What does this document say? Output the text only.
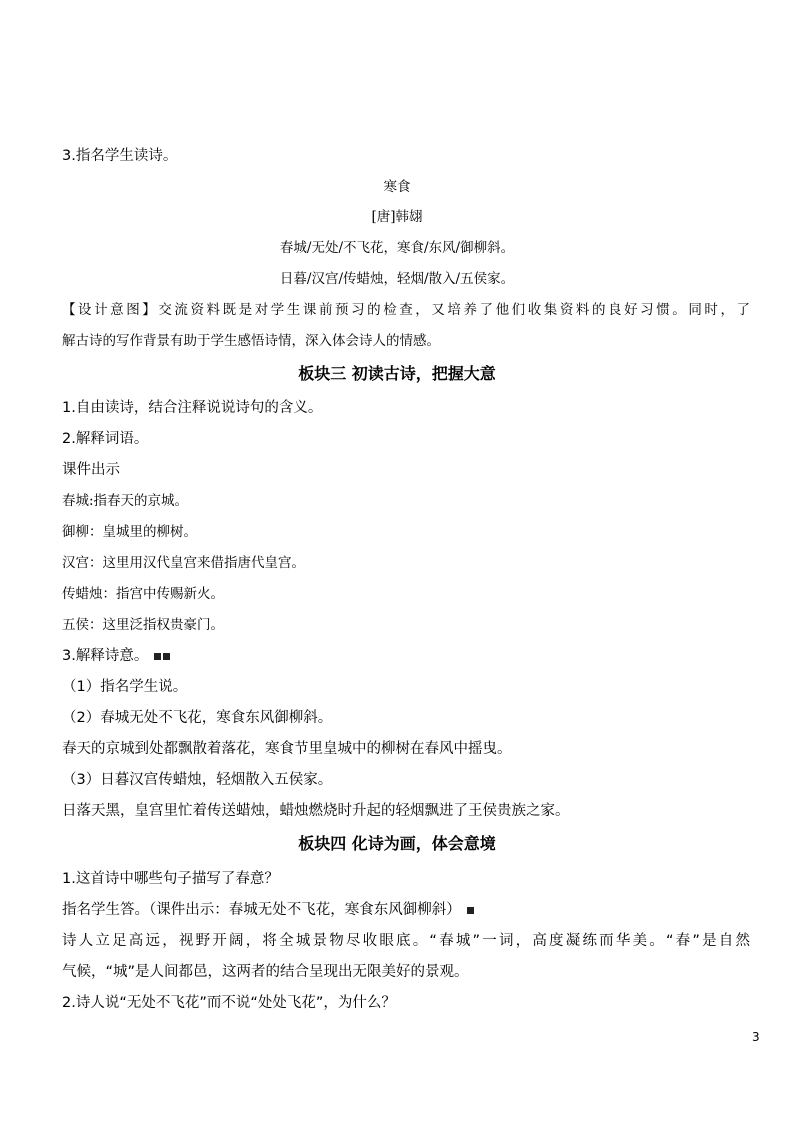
3.指名学生读诗。
寒食
[唐]韩翃
春城/无处/不飞花，寒食/东风/御柳斜。
日暮/汉宫/传蜡烛，轻烟/散入/五侯家。
【设计意图】交流资料既是对学生课前预习的检查，又培养了他们收集资料的良好习惯。同时，了
解古诗的写作背景有助于学生感悟诗情，深入体会诗人的情感。
板块三 初读古诗，把握大意
1.自由读诗，结合注释说说诗句的含义。
2.解释词语。
课件出示
春城:指春天的京城。
御柳：皇城里的柳树。
汉宫：这里用汉代皇宫来借指唐代皇宫。
传蜡烛：指宫中传赐新火。
五侯：这里泛指权贵豪门。
3.解释诗意。
（1）指名学生说。
（2）春城无处不飞花，寒食东风御柳斜。
春天的京城到处都飘散着落花，寒食节里皇城中的柳树在春风中摇曳。
（3）日暮汉宫传蜡烛，轻烟散入五侯家。
日落天黑，皇宫里忙着传送蜡烛，蜡烛燃烧时升起的轻烟飘进了王侯贵族之家。
板块四 化诗为画，体会意境
1.这首诗中哪些句子描写了春意？
指名学生答。（课件出示：春城无处不飞花，寒食东风御柳斜）
诗人立足高远，视野开阔，将全城景物尽收眼底。“春城”一词，高度凝练而华美。“春”是自然
气候，“城”是人间都邑，这两者的结合呈现出无限美好的景观。
2.诗人说“无处不飞花”而不说“处处飞花”，为什么？
3
